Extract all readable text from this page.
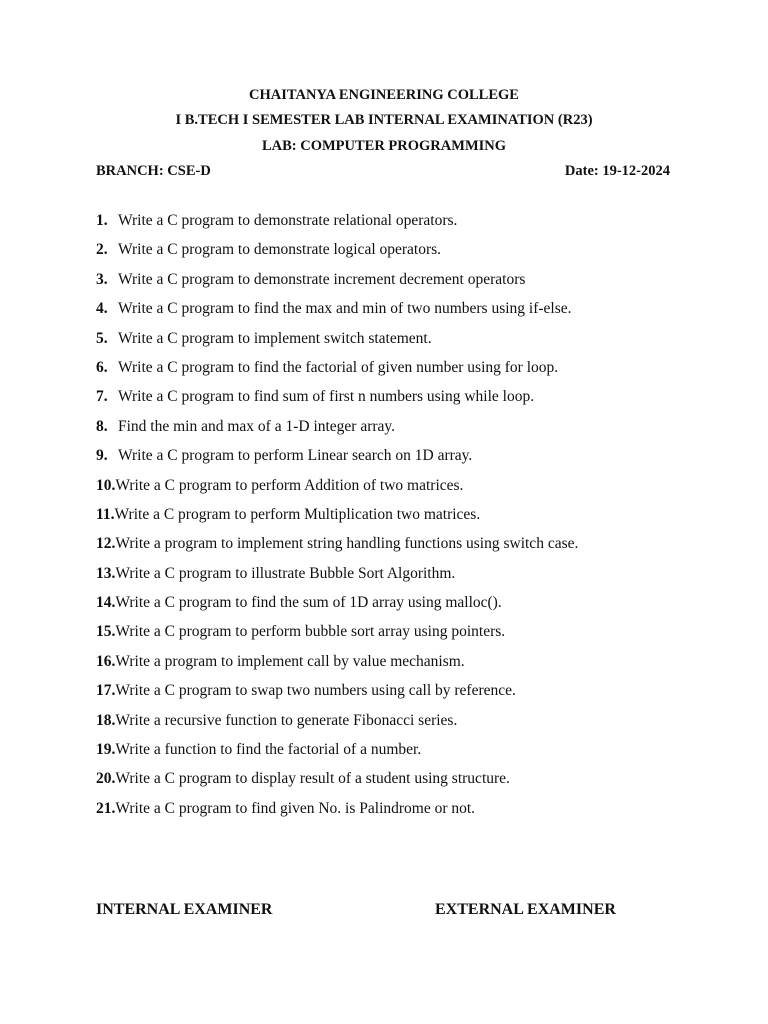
CHAITANYA ENGINEERING COLLEGE
I B.TECH I SEMESTER LAB INTERNAL EXAMINATION (R23)
LAB: COMPUTER PROGRAMMING
BRANCH: CSE-D	Date: 19-12-2024
1. Write a C program to demonstrate relational operators.
2. Write a C program to demonstrate logical operators.
3. Write a C program to demonstrate increment decrement operators
4. Write a C program to find the max and min of two numbers using if-else.
5. Write a C program to implement switch statement.
6. Write a C program to find the factorial of given number using for loop.
7. Write a C program to find sum of first n numbers using while loop.
8. Find the min and max of a 1-D integer array.
9. Write a C program to perform Linear search on 1D array.
10. Write a C program to perform Addition of two matrices.
11. Write a C program to perform Multiplication two matrices.
12. Write a program to implement string handling functions using switch case.
13. Write a C program to illustrate Bubble Sort Algorithm.
14. Write a C program to find the sum of 1D array using malloc().
15. Write a C program to perform bubble sort array using pointers.
16. Write a program to implement call by value mechanism.
17. Write a C program to swap two numbers using call by reference.
18. Write a recursive function to generate Fibonacci series.
19. Write a function to find the factorial of a number.
20. Write a C program to display result of a student using structure.
21. Write a C program to find given No. is Palindrome or not.
INTERNAL EXAMINER	EXTERNAL EXAMINER
